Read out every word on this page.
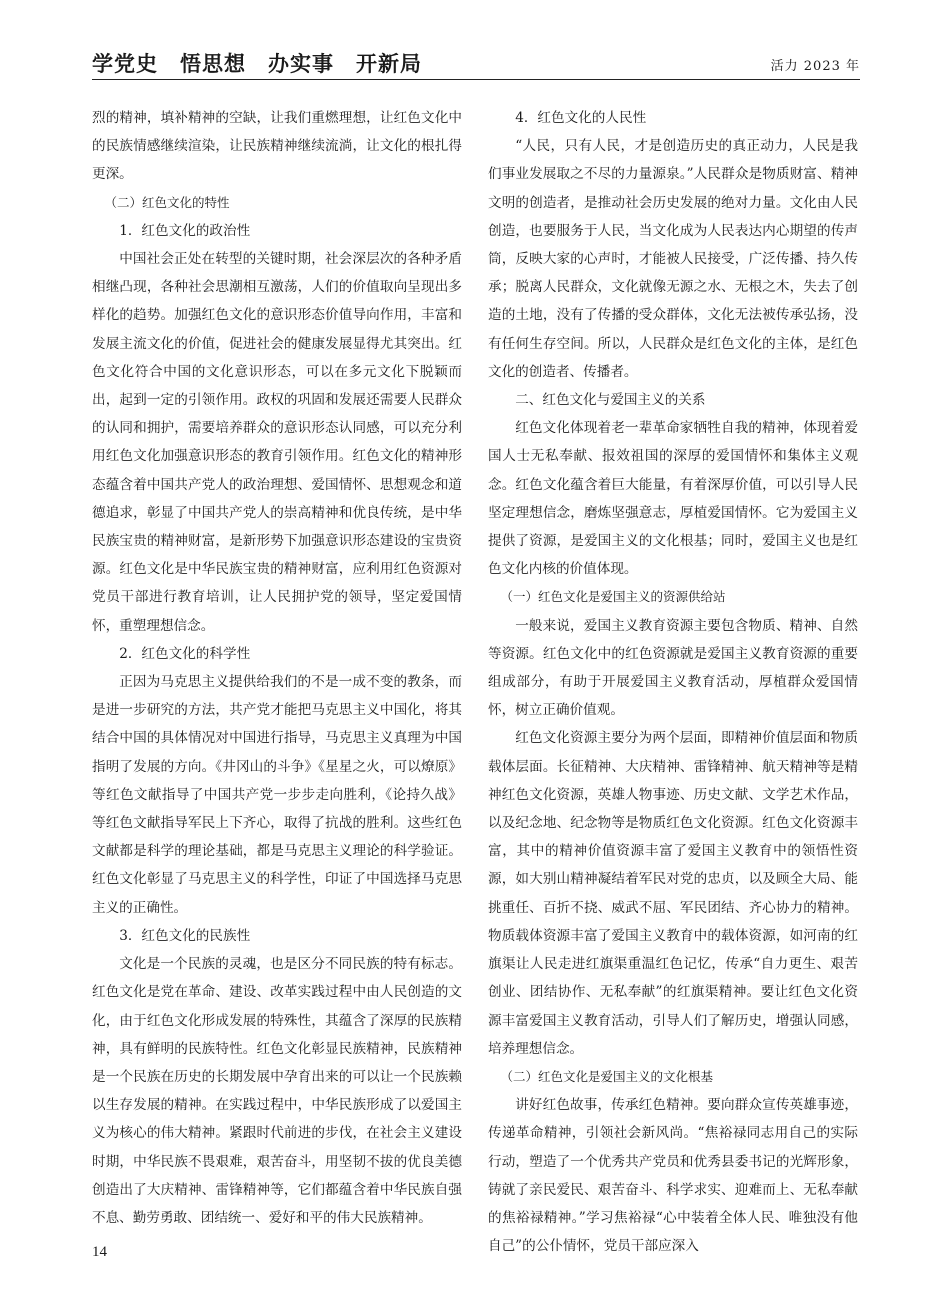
学党史 悟思想 办实事 开新局	活力 2023 年

烈的精神，填补精神的空缺，让我们重燃理想，让红色文化中的民族情感继续渲染，让民族精神继续流淌，让文化的根扎得更深。

（二）红色文化的特性

1．红色文化的政治性

中国社会正处在转型的关键时期，社会深层次的各种矛盾相继凸现，各种社会思潮相互激荡，人们的价值取向呈现出多样化的趋势。加强红色文化的意识形态价值导向作用，丰富和发展主流文化的价值，促进社会的健康发展显得尤其突出。红色文化符合中国的文化意识形态，可以在多元文化下脱颖而出，起到一定的引领作用。政权的巩固和发展还需要人民群众的认同和拥护，需要培养群众的意识形态认同感，可以充分利用红色文化加强意识形态的教育引领作用。红色文化的精神形态蕴含着中国共产党人的政治理想、爱国情怀、思想观念和道德追求，彰显了中国共产党人的崇高精神和优良传统，是中华民族宝贵的精神财富，是新形势下加强意识形态建设的宝贵资源。红色文化是中华民族宝贵的精神财富，应利用红色资源对党员干部进行教育培训，让人民拥护党的领导，坚定爱国情怀，重塑理想信念。

2．红色文化的科学性

正因为马克思主义提供给我们的不是一成不变的教条，而是进一步研究的方法，共产党才能把马克思主义中国化，将其结合中国的具体情况对中国进行指导，马克思主义真理为中国指明了发展的方向。《井冈山的斗争》《星星之火，可以燎原》等红色文献指导了中国共产党一步步走向胜利，《论持久战》等红色文献指导军民上下齐心，取得了抗战的胜利。这些红色文献都是科学的理论基础，都是马克思主义理论的科学验证。红色文化彰显了马克思主义的科学性，印证了中国选择马克思主义的正确性。

3．红色文化的民族性

文化是一个民族的灵魂，也是区分不同民族的特有标志。红色文化是党在革命、建设、改革实践过程中由人民创造的文化，由于红色文化形成发展的特殊性，其蕴含了深厚的民族精神，具有鲜明的民族特性。红色文化彰显民族精神，民族精神是一个民族在历史的长期发展中孕育出来的可以让一个民族赖以生存发展的精神。在实践过程中，中华民族形成了以爱国主义为核心的伟大精神。紧跟时代前进的步伐，在社会主义建设时期，中华民族不畏艰难，艰苦奋斗，用坚韧不拔的优良美德创造出了大庆精神、雷锋精神等，它们都蕴含着中华民族自强不息、勤劳勇敢、团结统一、爱好和平的伟大民族精神。

4．红色文化的人民性

“人民，只有人民，才是创造历史的真正动力，人民是我们事业发展取之不尽的力量源泉。”人民群众是物质财富、精神文明的创造者，是推动社会历史发展的绝对力量。文化由人民创造，也要服务于人民，当文化成为人民表达内心期望的传声筒，反映大家的心声时，才能被人民接受，广泛传播、持久传承；脱离人民群众，文化就像无源之水、无根之木，失去了创造的土地，没有了传播的受众群体，文化无法被传承弘扬，没有任何生存空间。所以，人民群众是红色文化的主体，是红色文化的创造者、传播者。

二、红色文化与爱国主义的关系

红色文化体现着老一辈革命家牺牲自我的精神，体现着爱国人士无私奉献、报效祖国的深厚的爱国情怀和集体主义观念。红色文化蕴含着巨大能量，有着深厚价值，可以引导人民坚定理想信念，磨炼坚强意志，厚植爱国情怀。它为爱国主义提供了资源，是爱国主义的文化根基；同时，爱国主义也是红色文化内核的价值体现。

（一）红色文化是爱国主义的资源供给站

一般来说，爱国主义教育资源主要包含物质、精神、自然等资源。红色文化中的红色资源就是爱国主义教育资源的重要组成部分，有助于开展爱国主义教育活动，厚植群众爱国情怀，树立正确价值观。

红色文化资源主要分为两个层面，即精神价值层面和物质载体层面。长征精神、大庆精神、雷锋精神、航天精神等是精神红色文化资源，英雄人物事迹、历史文献、文学艺术作品，以及纪念地、纪念物等是物质红色文化资源。红色文化资源丰富，其中的精神价值资源丰富了爱国主义教育中的领悟性资源，如大别山精神凝结着军民对党的忠贞，以及顾全大局、能挑重任、百折不挠、威武不屈、军民团结、齐心协力的精神。物质载体资源丰富了爱国主义教育中的载体资源，如河南的红旗渠让人民走进红旗渠重温红色记忆，传承“自力更生、艰苦创业、团结协作、无私奉献”的红旗渠精神。要让红色文化资源丰富爱国主义教育活动，引导人们了解历史，增强认同感，培养理想信念。

（二）红色文化是爱国主义的文化根基

讲好红色故事，传承红色精神。要向群众宣传英雄事迹，传递革命精神，引领社会新风尚。“焦裕禄同志用自己的实际行动，塑造了一个优秀共产党员和优秀县委书记的光辉形象，铸就了亲民爱民、艰苦奋斗、科学求实、迎难而上、无私奉献的焦裕禄精神。”学习焦裕禄“心中装着全体人民、唯独没有他自己”的公仆情怀，党员干部应深入

14
